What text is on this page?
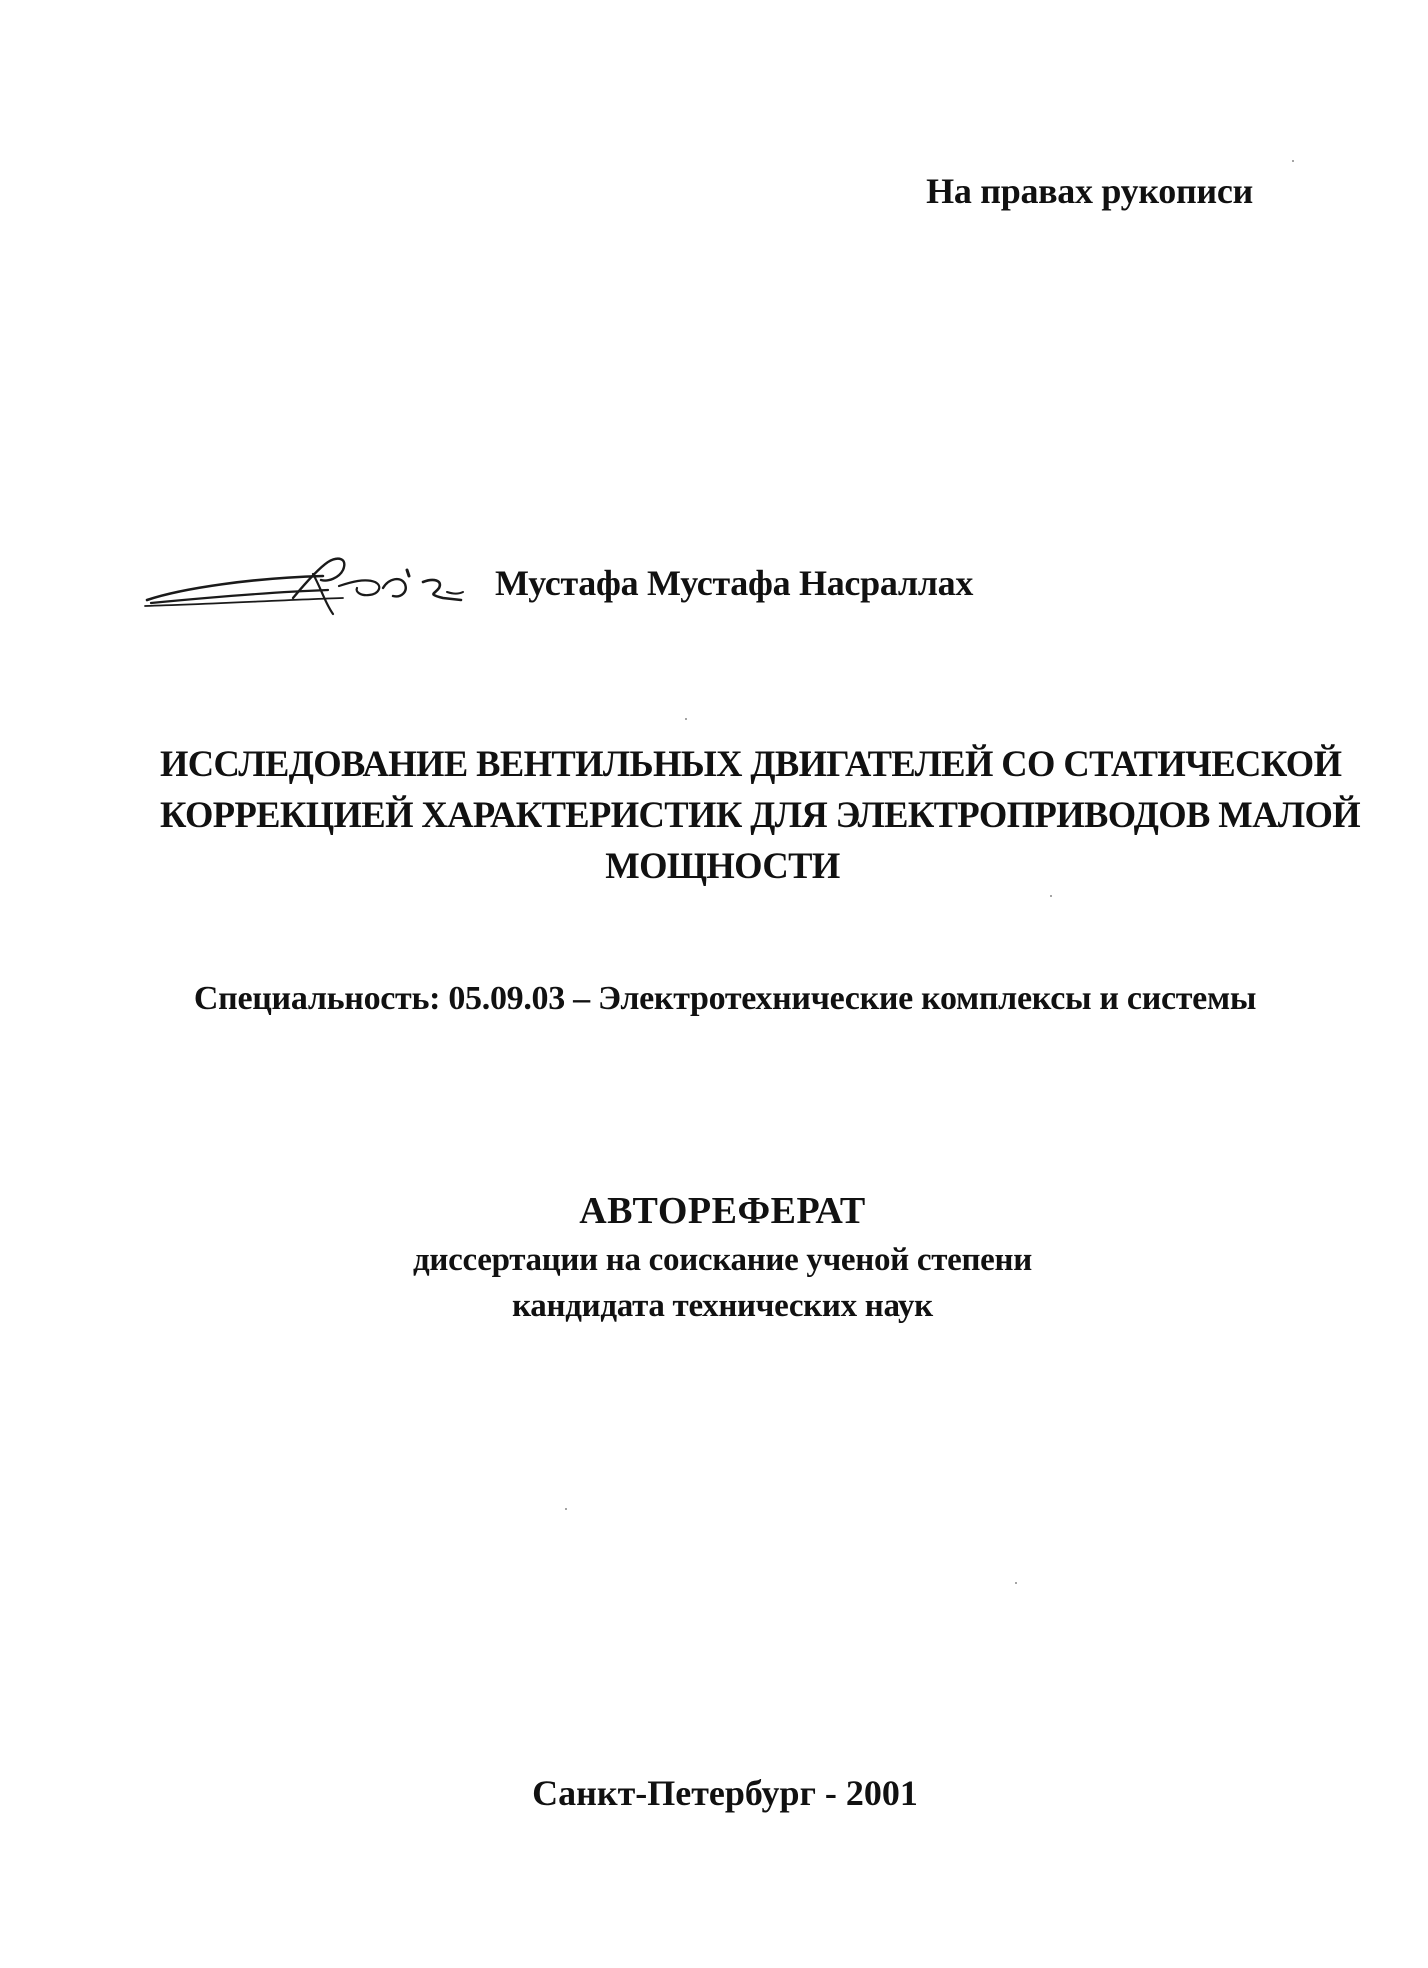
На правах рукописи
Мустафа Мустафа Насраллах
ИССЛЕДОВАНИЕ ВЕНТИЛЬНЫХ ДВИГАТЕЛЕЙ СО СТАТИЧЕСКОЙ
КОРРЕКЦИЕЙ ХАРАКТЕРИСТИК ДЛЯ ЭЛЕКТРОПРИВОДОВ МАЛОЙ
МОЩНОСТИ
Специальность: 05.09.03 – Электротехнические комплексы и системы
АВТОРЕФЕРАТ
диссертации на соискание ученой степени
кандидата технических наук
Санкт-Петербург - 2001
